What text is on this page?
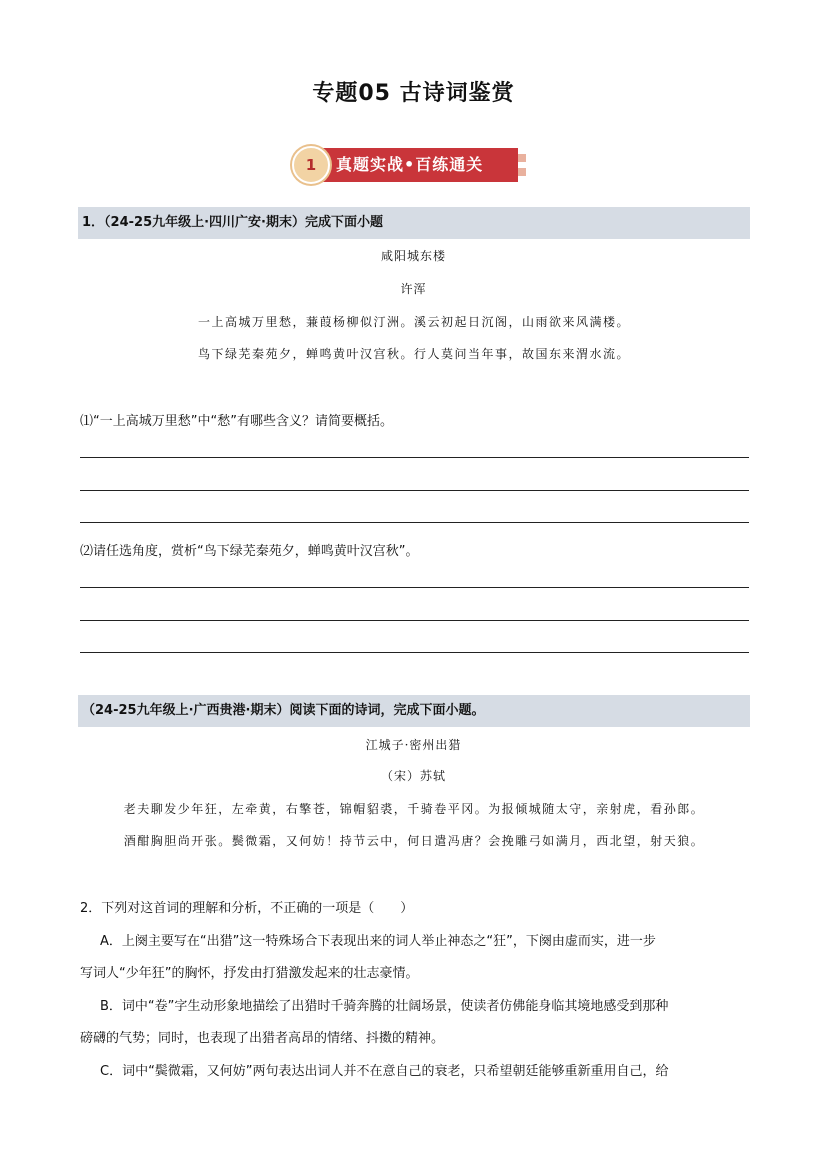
专题05 古诗词鉴赏
1	真题实战•百练通关
1．（24-25九年级上·四川广安·期末）完成下面小题
咸阳城东楼
许浑
一上高城万里愁，蒹葭杨柳似汀洲。溪云初起日沉阁，山雨欲来风满楼。
鸟下绿芜秦苑夕，蝉鸣黄叶汉宫秋。行人莫问当年事，故国东来渭水流。
⑴“一上高城万里愁”中“愁”有哪些含义？请简要概括。
⑵请任选角度，赏析“鸟下绿芜秦苑夕，蝉鸣黄叶汉宫秋”。
（24-25九年级上·广西贵港·期末）阅读下面的诗词，完成下面小题。
江城子·密州出猎
（宋）苏轼
老夫聊发少年狂，左牵黄，右擎苍，锦帽貂裘，千骑卷平冈。为报倾城随太守，亲射虎，看孙郎。
酒酣胸胆尚开张。鬓微霜，又何妨！持节云中，何日遣冯唐？会挽雕弓如满月，西北望，射天狼。
2．下列对这首词的理解和分析，不正确的一项是（　　）
A．上阕主要写在“出猎”这一特殊场合下表现出来的词人举止神态之“狂”，下阕由虚而实，进一步
写词人“少年狂”的胸怀，抒发由打猎激发起来的壮志豪情。
B．词中“卷”字生动形象地描绘了出猎时千骑奔腾的壮阔场景，使读者仿佛能身临其境地感受到那种
磅礴的气势；同时，也表现了出猎者高昂的情绪、抖擞的精神。
C．词中“鬓微霜，又何妨”两句表达出词人并不在意自己的衰老，只希望朝廷能够重新重用自己，给
